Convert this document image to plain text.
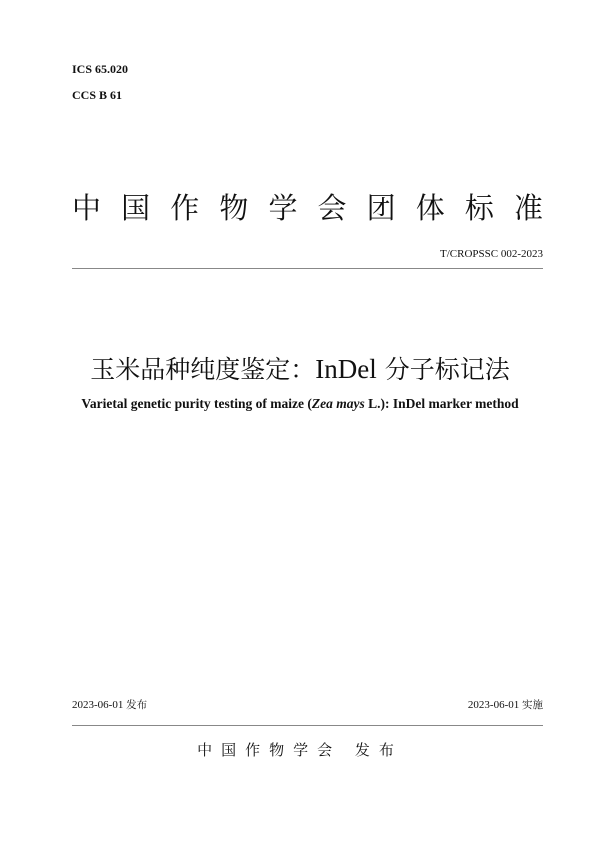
ICS 65.020
CCS B 61
中 国 作 物 学 会 团 体 标 准
T/CROPSSC 002-2023
玉米品种纯度鉴定：InDel 分子标记法
Varietal genetic purity testing of maize (Zea mays L.): InDel marker method
2023-06-01 发布	2023-06-01 实施
中国作物学会 发布
